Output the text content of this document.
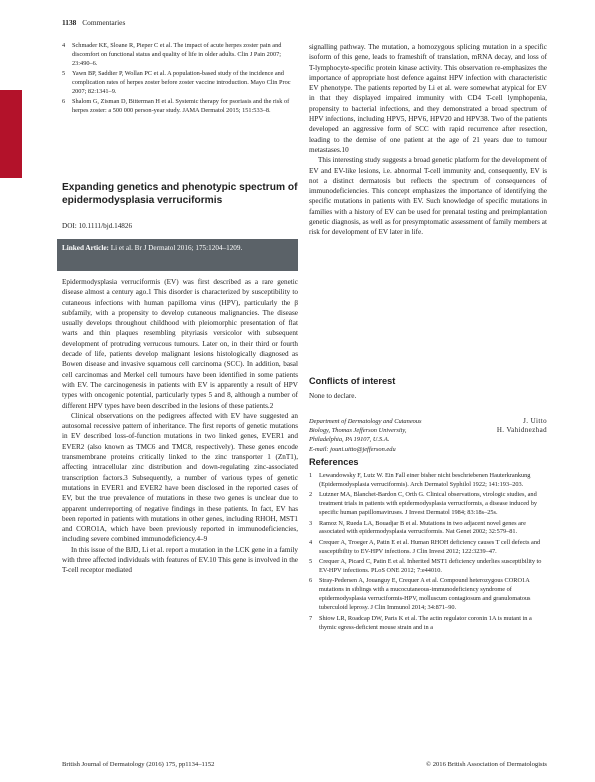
1138 Commentaries
4 Schmader KE, Sloane R, Pieper C et al. The impact of acute herpes zoster pain and discomfort on functional status and quality of life in older adults. Clin J Pain 2007; 23:490–6.
5 Yawn BP, Saddier P, Wollan PC et al. A population-based study of the incidence and complication rates of herpes zoster before zoster vaccine introduction. Mayo Clin Proc 2007; 82:1341–9.
6 Shalom G, Zisman D, Bitterman H et al. Systemic therapy for psoriasis and the risk of herpes zoster: a 500 000 person-year study. JAMA Dermatol 2015; 151:533–8.
Expanding genetics and phenotypic spectrum of epidermodysplasia verruciformis
DOI: 10.1111/bjd.14826
Linked Article: Li et al. Br J Dermatol 2016; 175:1204–1209.

Epidermodysplasia verruciformis (EV) was first described as a rare genetic disease almost a century ago.1 This disorder is characterized by susceptibility to cutaneous infections with human papilloma virus (HPV), particularly the β subfamily, with a propensity to develop cutaneous malignancies. The disease usually develops throughout childhood with pleiomorphic presentation of flat warts and thin plaques resembling pityriasis versicolor with subsequent development of protruding verrucous tumours. Later on, in their third or fourth decade of life, patients develop malignant lesions histologically diagnosed as Bowen disease and invasive squamous cell carcinoma (SCC). In addition, basal cell carcinomas and Merkel cell tumours have been identified in some patients with EV. The carcinogenesis in patients with EV is apparently a result of HPV types with oncogenic potential, particularly types 5 and 8, although a number of different HPV types have been described in the lesions of these patients.2

Clinical observations on the pedigrees affected with EV have suggested an autosomal recessive pattern of inheritance. The first reports of genetic mutations in EV described loss-of-function mutations in two linked genes, EVER1 and EVER2 (also known as TMC6 and TMC8, respectively). These genes encode transmembrane proteins critically linked to the zinc transporter 1 (ZnT1), affecting intracellular zinc distribution and down-regulating zinc-associated transcription factors.3 Subsequently, a number of various types of genetic mutations in EVER1 and EVER2 have been disclosed in the reported cases of EV, but the true prevalence of mutations in these two genes is unclear due to apparent underreporting of negative findings in these patients. In fact, EV has been reported in patients with mutations in other genes, including RHOH, MST1 and CORO1A, which have been previously reported in immunodeficiencies, including severe combined immunodeficiency.4–9

In this issue of the BJD, Li et al. report a mutation in the LCK gene in a family with three affected individuals with features of EV.10 This gene is involved in the T-cell receptor mediated

signalling pathway. The mutation, a homozygous splicing mutation in a specific isoform of this gene, leads to frameshift of translation, mRNA decay, and loss of T-lymphocyte-specific protein kinase activity. This observation re-emphasizes the importance of appropriate host defence against HPV infection with characteristic EV phenotype. The patients reported by Li et al. were somewhat atypical for EV in that they displayed impaired immunity with CD4 T-cell lymphopenia, propensity to bacterial infections, and they demonstrated a broad spectrum of HPV infections, including HPV5, HPV6, HPV20 and HPV38. Two of the patients developed an aggressive form of SCC with rapid recurrence after resection, leading to the demise of one patient at the age of 21 years due to tumour metastases.10

This interesting study suggests a broad genetic platform for the development of EV and EV-like lesions, i.e. abnormal T-cell immunity and, consequently, EV is not a distinct dermatosis but reflects the spectrum of consequences of immunodeficiencies. This concept emphasizes the importance of identifying the specific mutations in patients with EV. Such knowledge of specific mutations in families with a history of EV can be used for prenatal testing and preimplantation genetic diagnosis, as well as for presymptomatic assessment of family members at risk for development of EV later in life.

Conflicts of interest
None to declare.
Department of Dermatology and Cutaneous
Biology, Thomas Jefferson University,
Philadelphia, PA 19107, U.S.A.
E-mail: jouni.uitto@jefferson.edu
J. Uitto
H. Vahidnezhad
References
1 Lewandowsky F, Lutz W. Ein Fall einer bisher nicht beschriebenen Hauterkrankung (Epidermodysplasia verruciformis). Arch Dermatol Syphilol 1922; 141:193–203.
2 Lutzner MA, Blanchet-Bardon C, Orth G. Clinical observations, virologic studies, and treatment trials in patients with epidermodysplasia verruciformis, a disease induced by specific human papillomaviruses. J Invest Dermatol 1984; 83:18s–25s.
3 Ramoz N, Rueda LA, Bouadjar B et al. Mutations in two adjacent novel genes are associated with epidermodysplasia verruciformis. Nat Genet 2002; 32:579–81.
4 Crequer A, Troeger A, Patin E et al. Human RHOH deficiency causes T cell defects and susceptibility to EV-HPV infections. J Clin Invest 2012; 122:3239–47.
5 Crequer A, Picard C, Patin E et al. Inherited MST1 deficiency underlies susceptibility to EV-HPV infections. PLoS ONE 2012; 7:e44010.
6 Stray-Pedersen A, Jouanguy E, Crequer A et al. Compound heterozygous CORO1A mutations in siblings with a mucocutaneous-immunodeficiency syndrome of epidermodysplasia verruciformis-HPV, molluscum contagiosum and granulomatous tuberculoid leprosy. J Clin Immunol 2014; 34:871–90.
7 Shiow LR, Roadcap DW, Paris K et al. The actin regulator coronin 1A is mutant in a thymic egress-deficient mouse strain and in a
British Journal of Dermatology (2016) 175, pp1134–1152	© 2016 British Association of Dermatologists
